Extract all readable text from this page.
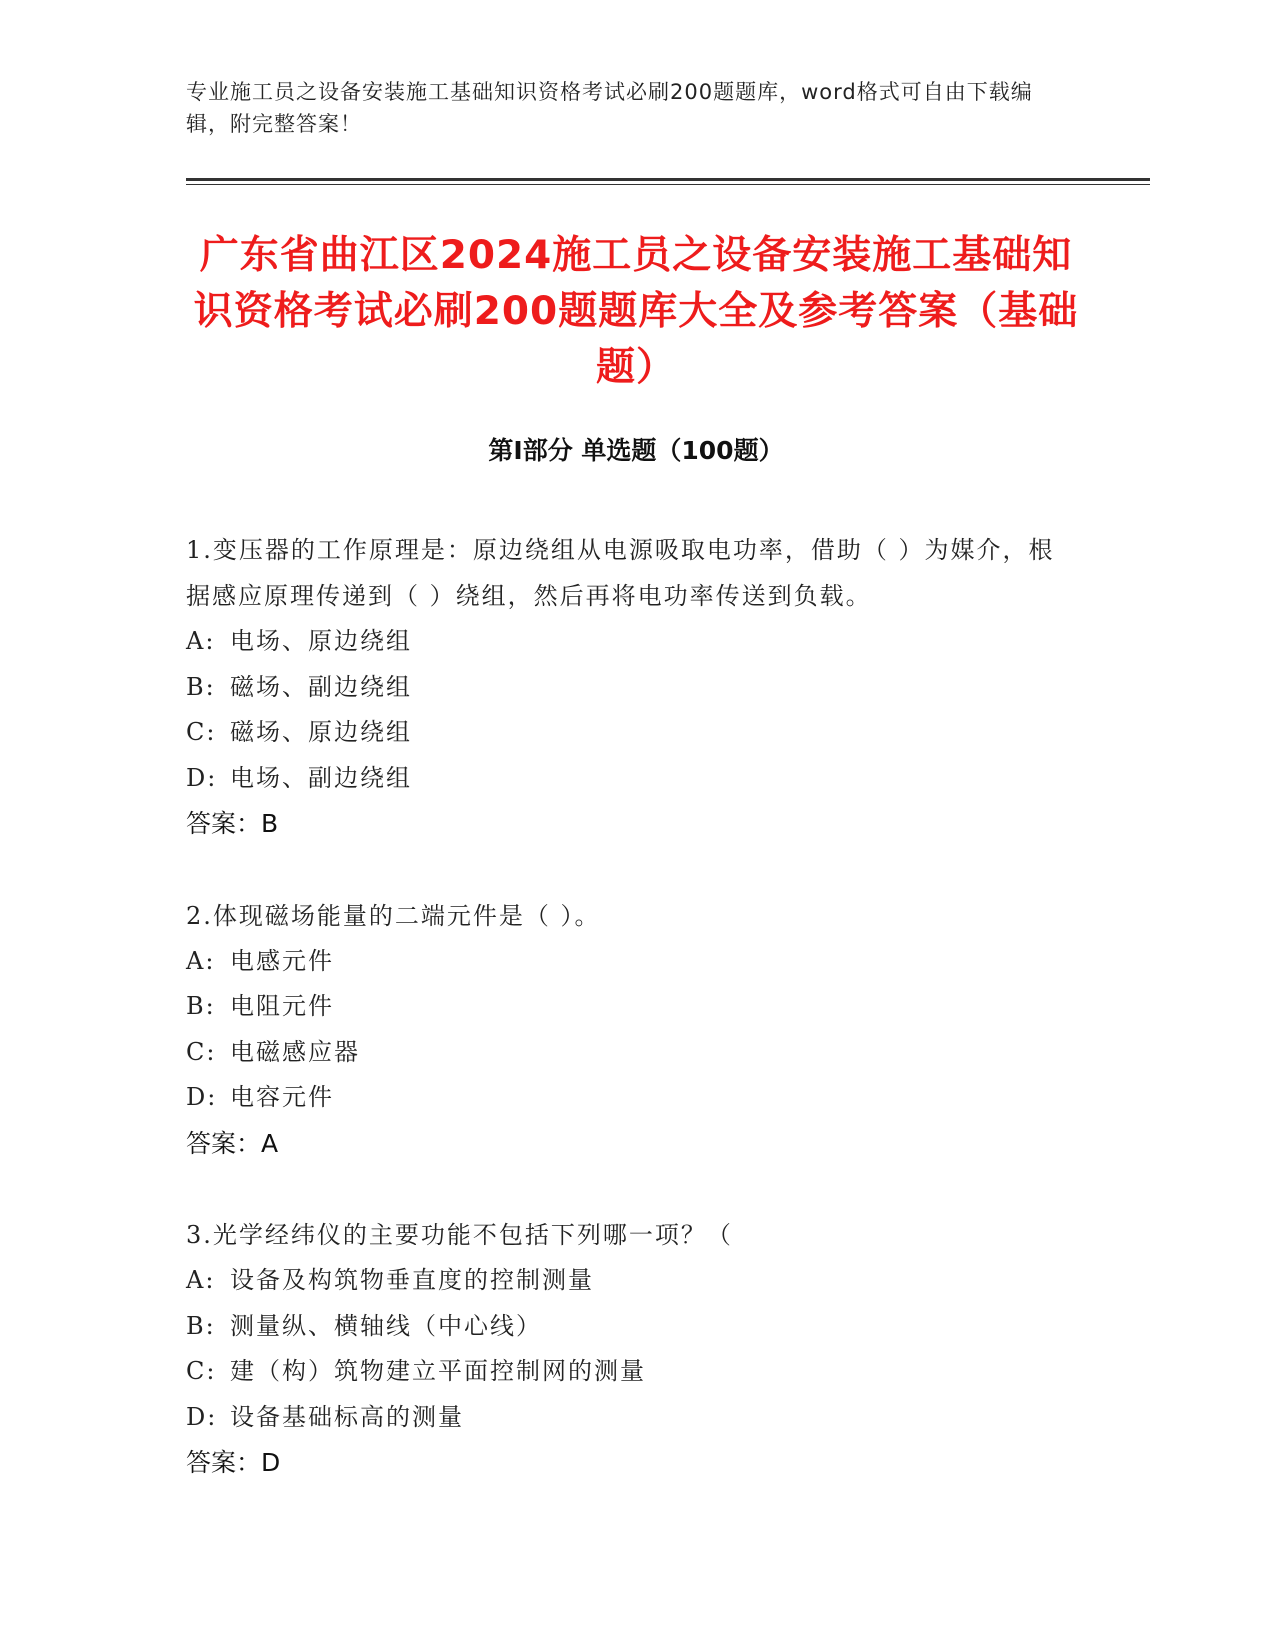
专业施工员之设备安装施工基础知识资格考试必刷200题题库，word格式可自由下载编辑，附完整答案！
广东省曲江区2024施工员之设备安装施工基础知识资格考试必刷200题题库大全及参考答案（基础题）
第I部分 单选题（100题）
1.变压器的工作原理是：原边绕组从电源吸取电功率，借助（ ）为媒介，根据感应原理传递到（ ）绕组，然后再将电功率传送到负载。
A: 电场、原边绕组
B: 磁场、副边绕组
C: 磁场、原边绕组
D: 电场、副边绕组
答案：B
2.体现磁场能量的二端元件是（ ）。
A: 电感元件
B: 电阻元件
C: 电磁感应器
D: 电容元件
答案：A
3.光学经纬仪的主要功能不包括下列哪一项？（
A: 设备及构筑物垂直度的控制测量
B: 测量纵、横轴线（中心线）
C: 建（构）筑物建立平面控制网的测量
D: 设备基础标高的测量
答案：D
